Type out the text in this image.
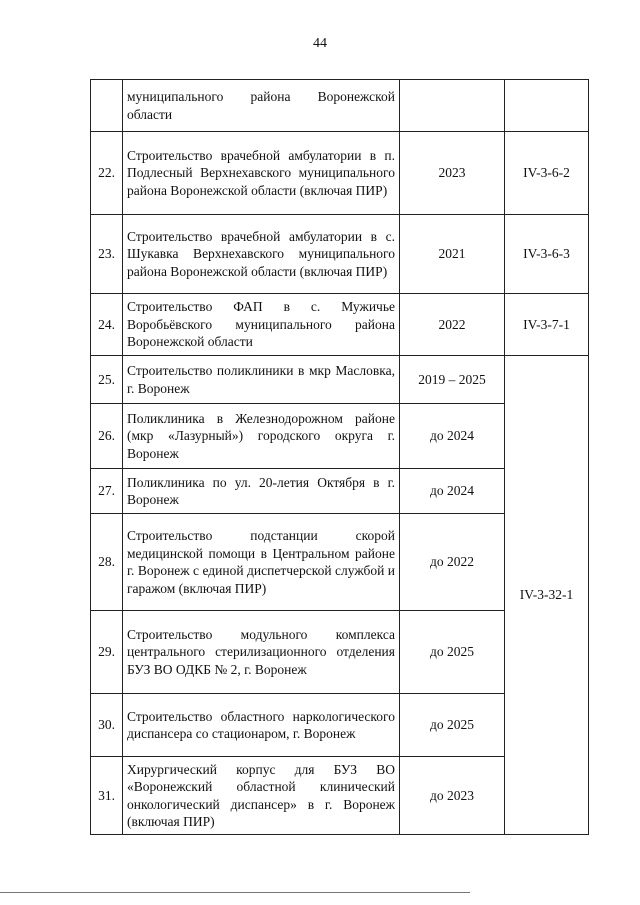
44
	муниципального района Воронежской области		
22.	Строительство врачебной амбулатории в п. Подлесный Верхнехавского муниципального района Воронежской области (включая ПИР)	2023	IV-3-6-2
23.	Строительство врачебной амбулатории в с. Шукавка Верхнехавского муниципального района Воронежской области (включая ПИР)	2021	IV-3-6-3
24.	Строительство ФАП в с. Мужичье Воробьёвского муниципального района Воронежской области	2022	IV-3-7-1
25.	Строительство поликлиники в мкр Масловка, г. Воронеж	2019 – 2025	IV-3-32-1
26.	Поликлиника в Железнодорожном районе (мкр «Лазурный») городского округа г. Воронеж	до 2024	
27.	Поликлиника по ул. 20-летия Октября в г. Воронеж	до 2024	
28.	Строительство подстанции скорой медицинской помощи в Центральном районе г. Воронеж с единой диспетчерской службой и гаражом (включая ПИР)	до 2022	
29.	Строительство модульного комплекса центрального стерилизационного отделения БУЗ ВО ОДКБ № 2, г. Воронеж	до 2025	
30.	Строительство областного наркологического диспансера со стационаром, г. Воронеж	до 2025	
31.	Хирургический корпус для БУЗ ВО «Воронежский областной клинический онкологический диспансер» в г. Воронеж (включая ПИР)	до 2023	
